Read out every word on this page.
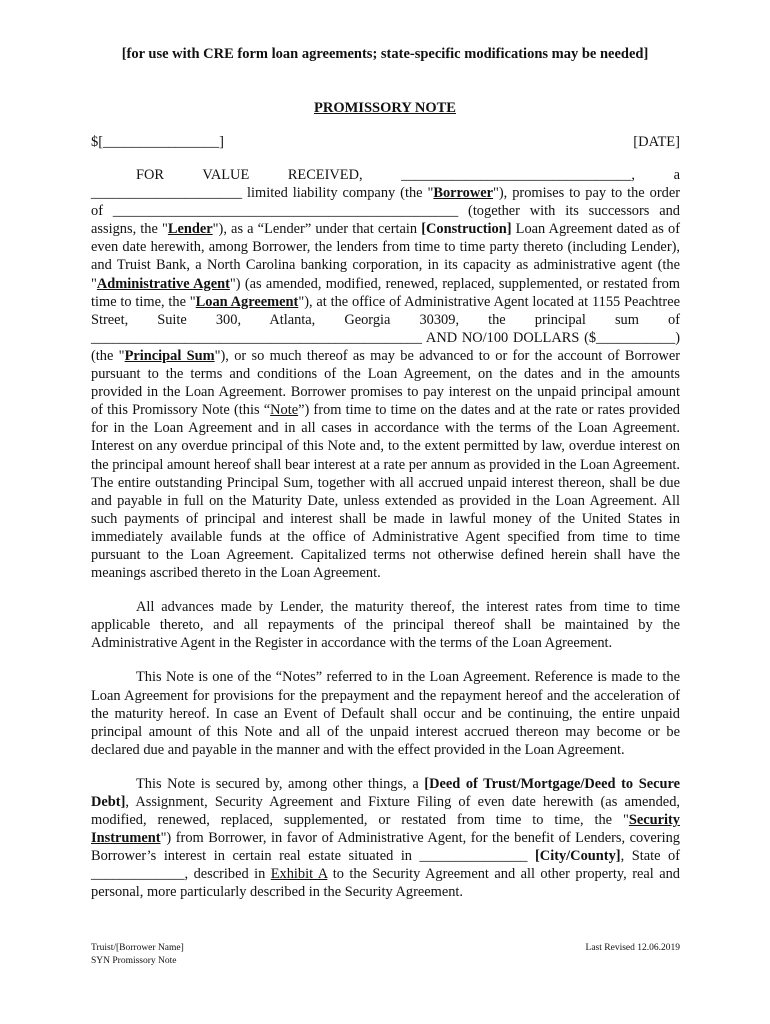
[for use with CRE form loan agreements; state-specific modifications may be needed]
PROMISSORY NOTE
$[________________]	[DATE]

FOR VALUE RECEIVED, ________________________________, a _____________________ limited liability company (the "Borrower"), promises to pay to the order of ________________________________________________ (together with its successors and assigns, the "Lender"), as a “Lender” under that certain [Construction] Loan Agreement dated as of even date herewith, among Borrower, the lenders from time to time party thereto (including Lender), and Truist Bank, a North Carolina banking corporation, in its capacity as administrative agent (the "Administrative Agent") (as amended, modified, renewed, replaced, supplemented, or restated from time to time, the "Loan Agreement"), at the office of Administrative Agent located at 1155 Peachtree Street, Suite 300, Atlanta, Georgia 30309, the principal sum of ______________________________________________ AND NO/100 DOLLARS ($___________) (the "Principal Sum"), or so much thereof as may be advanced to or for the account of Borrower pursuant to the terms and conditions of the Loan Agreement, on the dates and in the amounts provided in the Loan Agreement. Borrower promises to pay interest on the unpaid principal amount of this Promissory Note (this “Note”) from time to time on the dates and at the rate or rates provided for in the Loan Agreement and in all cases in accordance with the terms of the Loan Agreement. Interest on any overdue principal of this Note and, to the extent permitted by law, overdue interest on the principal amount hereof shall bear interest at a rate per annum as provided in the Loan Agreement. The entire outstanding Principal Sum, together with all accrued unpaid interest thereon, shall be due and payable in full on the Maturity Date, unless extended as provided in the Loan Agreement. All such payments of principal and interest shall be made in lawful money of the United States in immediately available funds at the office of Administrative Agent specified from time to time pursuant to the Loan Agreement. Capitalized terms not otherwise defined herein shall have the meanings ascribed thereto in the Loan Agreement.

All advances made by Lender, the maturity thereof, the interest rates from time to time applicable thereto, and all repayments of the principal thereof shall be maintained by the Administrative Agent in the Register in accordance with the terms of the Loan Agreement.

This Note is one of the “Notes” referred to in the Loan Agreement. Reference is made to the Loan Agreement for provisions for the prepayment and the repayment hereof and the acceleration of the maturity hereof. In case an Event of Default shall occur and be continuing, the entire unpaid principal amount of this Note and all of the unpaid interest accrued thereon may become or be declared due and payable in the manner and with the effect provided in the Loan Agreement.

This Note is secured by, among other things, a [Deed of Trust/Mortgage/Deed to Secure Debt], Assignment, Security Agreement and Fixture Filing of even date herewith (as amended, modified, renewed, replaced, supplemented, or restated from time to time, the "Security Instrument") from Borrower, in favor of Administrative Agent, for the benefit of Lenders, covering Borrower’s interest in certain real estate situated in _______________ [City/County], State of _____________, described in Exhibit A to the Security Agreement and all other property, real and personal, more particularly described in the Security Agreement.

Truist/[Borrower Name]
SYN Promissory Note
Last Revised 12.06.2019
